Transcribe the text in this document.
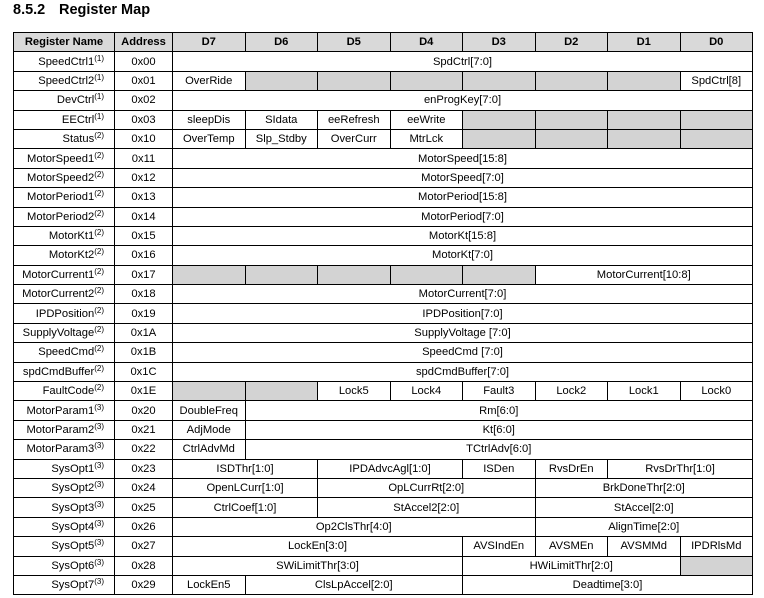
8.5.2 Register Map
Register Name	Address	D7	D6	D5	D4	D3	D2	D1	D0
SpeedCtrl1$^{(1)}$	0x00	SpdCtrl[7:0]							
SpeedCtrl2$^{(1)}$	0x01	OverRide							SpdCtrl[8]
DevCtrl$^{(1)}$	0x02	enProgKey[7:0]							
EECtrl$^{(1)}$	0x03	sleepDis	SIdata	eeRefresh	eeWrite				
Status$^{(2)}$	0x10	OverTemp	Slp_Stdby	OverCurr	MtrLck				
MotorSpeed1$^{(2)}$	0x11	MotorSpeed[15:8]							
MotorSpeed2$^{(2)}$	0x12	MotorSpeed[7:0]							
MotorPeriod1$^{(2)}$	0x13	MotorPeriod[15:8]							
MotorPeriod2$^{(2)}$	0x14	MotorPeriod[7:0]							
MotorKt1$^{(2)}$	0x15	MotorKt[15:8]							
MotorKt2$^{(2)}$	0x16	MotorKt[7:0]							
MotorCurrent1$^{(2)}$	0x17						MotorCurrent[10:8]		
MotorCurrent2$^{(2)}$	0x18	MotorCurrent[7:0]							
IPDPosition$^{(2)}$	0x19	IPDPosition[7:0]							
SupplyVoltage$^{(2)}$	0x1A	SupplyVoltage [7:0]							
SpeedCmd$^{(2)}$	0x1B	SpeedCmd [7:0]							
spdCmdBuffer$^{(2)}$	0x1C	spdCmdBuffer[7:0]							
FaultCode$^{(2)}$	0x1E			Lock5	Lock4	Fault3	Lock2	Lock1	Lock0
MotorParam1$^{(3)}$	0x20	DoubleFreq	Rm[6:0]						
MotorParam2$^{(3)}$	0x21	AdjMode	Kt[6:0]						
MotorParam3$^{(3)}$	0x22	CtrlAdvMd	TCtrlAdv[6:0]						
SysOpt1$^{(3)}$	0x23	ISDThr[1:0]		IPDAdvcAgl[1:0]		ISDen	RvsDrEn	RvsDrThr[1:0]	
SysOpt2$^{(3)}$	0x24	OpenLCurr[1:0]		OpLCurrRt[2:0]			BrkDoneThr[2:0]		
SysOpt3$^{(3)}$	0x25	CtrlCoef[1:0]		StAccel2[2:0]			StAccel[2:0]		
SysOpt4$^{(3)}$	0x26	Op2ClsThr[4:0]					AlignTime[2:0]		
SysOpt5$^{(3)}$	0x27	LockEn[3:0]				AVSIndEn	AVSMEn	AVSMMd	IPDRlsMd
SysOpt6$^{(3)}$	0x28	SWiLimitThr[3:0]				HWiLimitThr[2:0]			
SysOpt7$^{(3)}$	0x29	LockEn5	ClsLpAccel[2:0]			Deadtime[3:0]			
